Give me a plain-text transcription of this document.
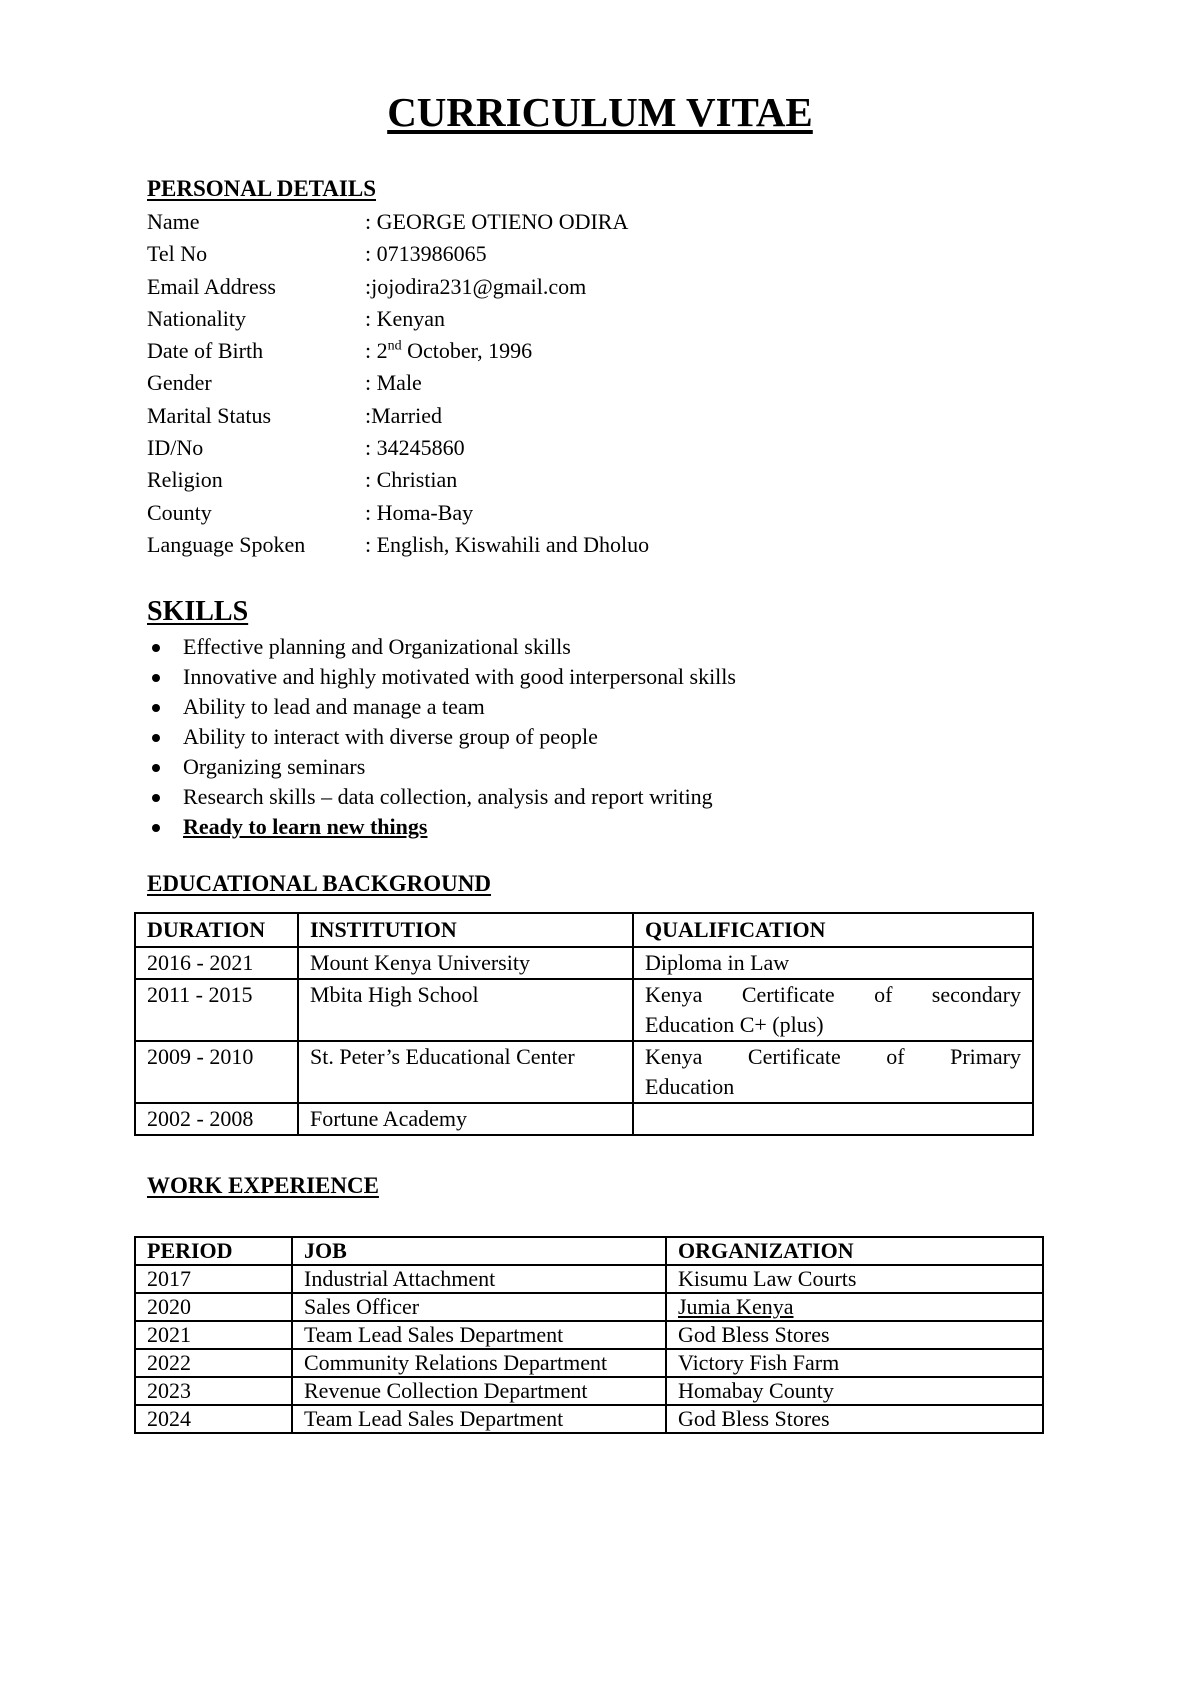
CURRICULUM VITAE
PERSONAL DETAILS
Name	: GEORGE OTIENO ODIRA
Tel No	: 0713986065
Email Address	:jojodira231@gmail.com
Nationality	: Kenyan
Date of Birth	: 2nd October, 1996
Gender	: Male
Marital Status	:Married
ID/No	: 34245860
Religion	: Christian
County	: Homa-Bay
Language Spoken	: English, Kiswahili and Dholuo
SKILLS
Effective planning and Organizational skills
Innovative and highly motivated with good interpersonal skills
Ability to lead and manage a team
Ability to interact with diverse group of people
Organizing seminars
Research skills – data collection, analysis and report writing
Ready to learn new things
EDUCATIONAL BACKGROUND
DURATION	INSTITUTION	QUALIFICATION
2016 - 2021	Mount Kenya University	Diploma in Law

2011 - 2015	Mbita High School	Kenya Certificate of secondary
Education C+ (plus)

2009 - 2010	St. Peter’s Educational Center	Kenya Certificate of Primary
Education

2002 - 2008	Fortune Academy	
WORK EXPERIENCE
PERIOD	JOB	ORGANIZATION
2017	Industrial Attachment	Kisumu Law Courts
2020	Sales Officer	Jumia Kenya
2021	Team Lead Sales Department	God Bless Stores
2022	Community Relations Department	Victory Fish Farm
2023	Revenue Collection Department	Homabay County
2024	Team Lead Sales Department	God Bless Stores
